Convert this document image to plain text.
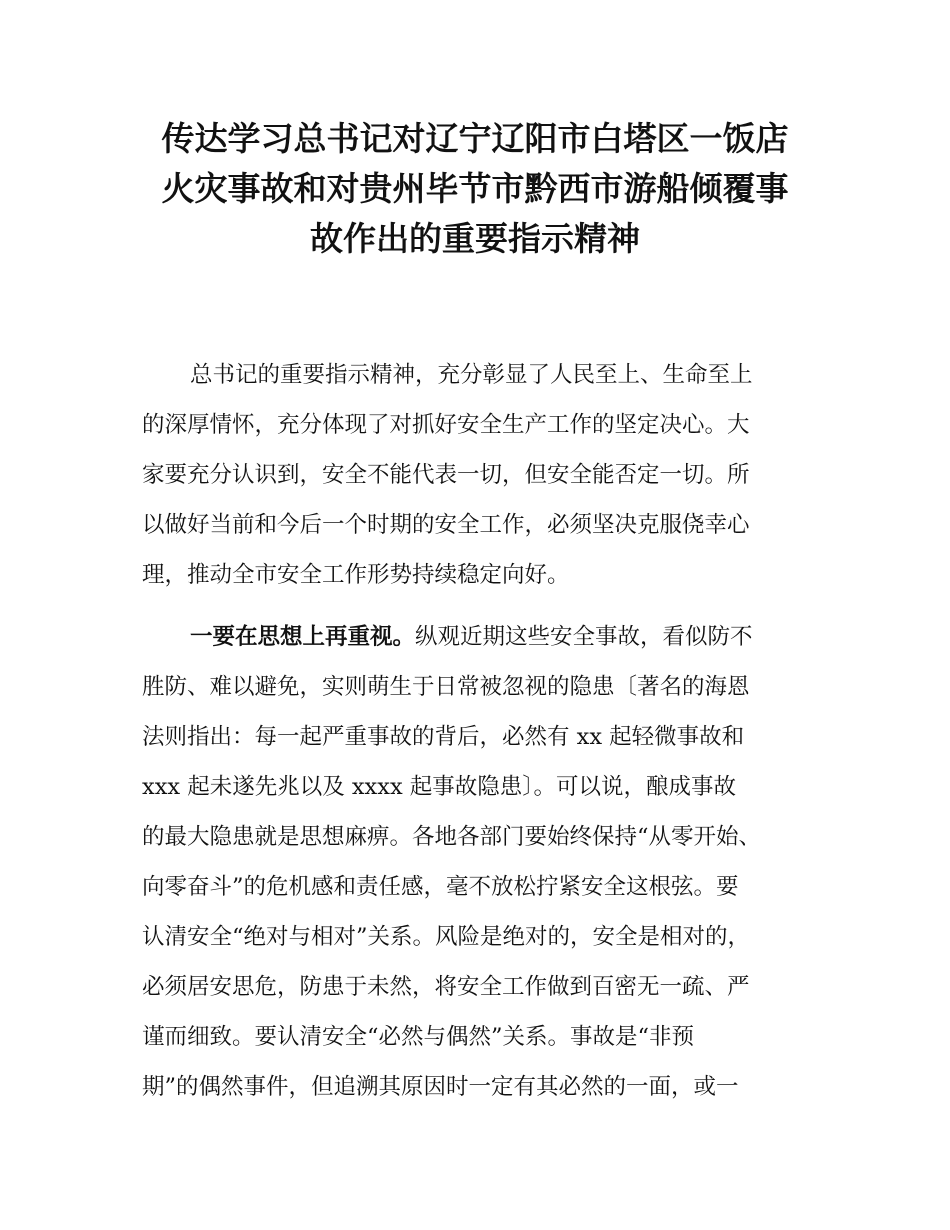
传达学习总书记对辽宁辽阳市白塔区一饭店
火灾事故和对贵州毕节市黔西市游船倾覆事
故作出的重要指示精神
总书记的重要指示精神，充分彰显了人民至上、生命至上
的深厚情怀，充分体现了对抓好安全生产工作的坚定决心。大
家要充分认识到，安全不能代表一切，但安全能否定一切。所
以做好当前和今后一个时期的安全工作，必须坚决克服侥幸心
理，推动全市安全工作形势持续稳定向好。
一要在思想上再重视。纵观近期这些安全事故，看似防不
胜防、难以避免，实则萌生于日常被忽视的隐患〔著名的海恩
法则指出：每一起严重事故的背后，必然有 xx 起轻微事故和
xxx 起未遂先兆以及 xxxx 起事故隐患〕。可以说，酿成事故
的最大隐患就是思想麻痹。各地各部门要始终保持“从零开始、
向零奋斗”的危机感和责任感，毫不放松拧紧安全这根弦。要
认清安全“绝对与相对”关系。风险是绝对的，安全是相对的，
必须居安思危，防患于未然，将安全工作做到百密无一疏、严
谨而细致。要认清安全“必然与偶然”关系。事故是“非预
期”的偶然事件，但追溯其原因时一定有其必然的一面，或一
